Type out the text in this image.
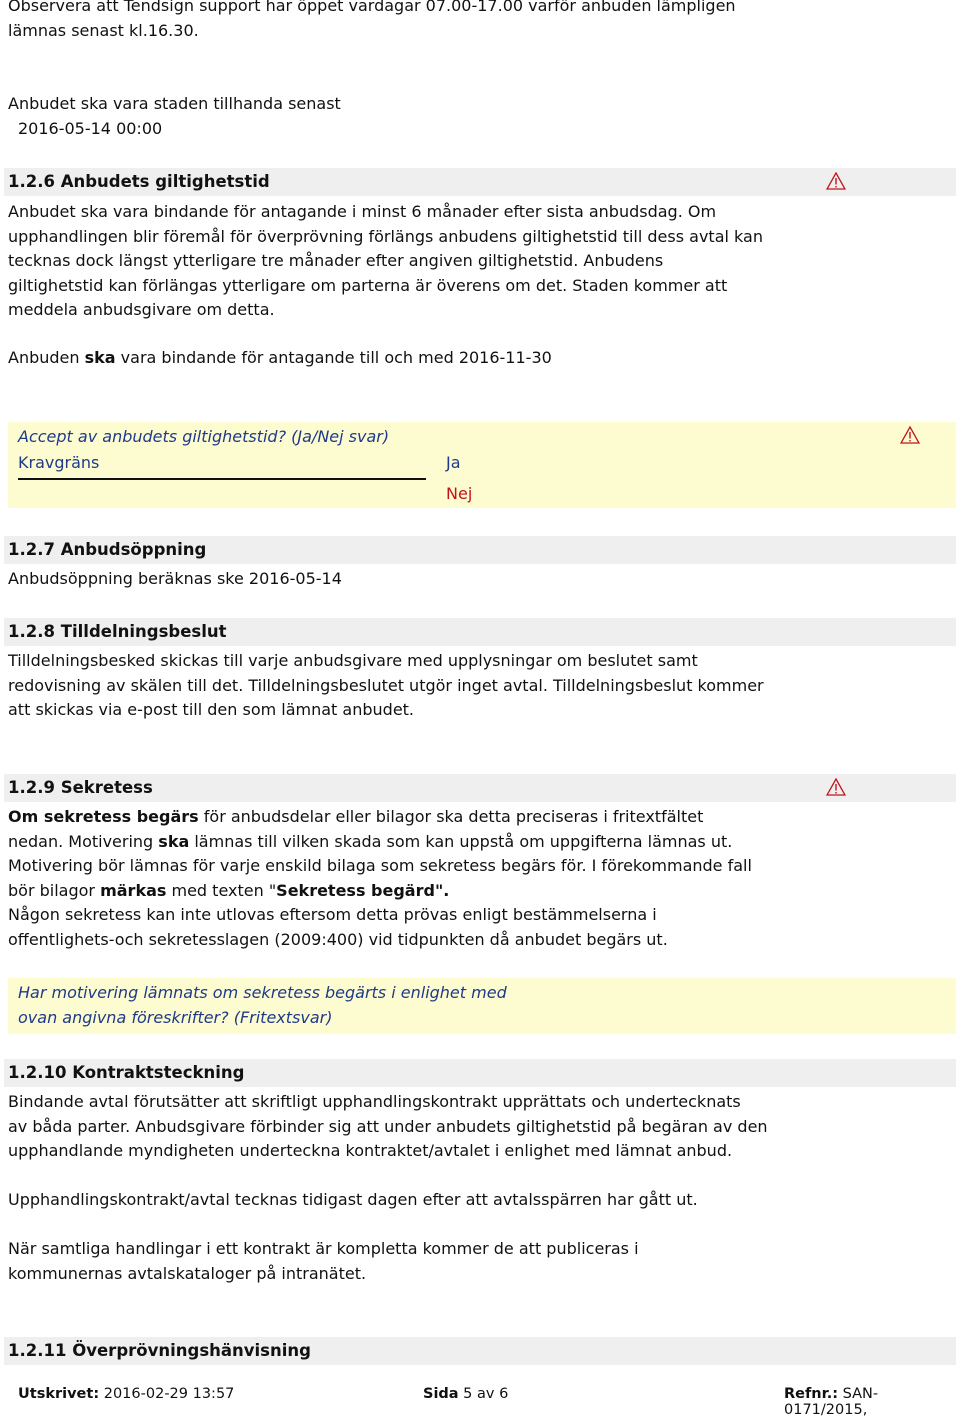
Observera att Tendsign support har öppet vardagar 07.00-17.00 varför anbuden lämpligen

lämnas senast kl.16.30.

Anbudet ska vara staden tillhanda senast

2016-05-14 00:00

1.2.6 Anbudets giltighetstid

Anbudet ska vara bindande för antagande i minst 6 månader efter sista anbudsdag. Om

upphandlingen blir föremål för överprövning förlängs anbudens giltighetstid till dess avtal kan

tecknas dock längst ytterligare tre månader efter angiven giltighetstid. Anbudens

giltighetstid kan förlängas ytterligare om parterna är överens om det. Staden kommer att

meddela anbudsgivare om detta.

Anbuden ska vara bindande för antagande till och med 2016-11-30

Accept av anbudets giltighetstid? (Ja/Nej svar)

Kravgräns	Ja

Nej

1.2.7 Anbudsöppning

Anbudsöppning beräknas ske 2016-05-14

1.2.8 Tilldelningsbeslut

Tilldelningsbesked skickas till varje anbudsgivare med upplysningar om beslutet samt

redovisning av skälen till det. Tilldelningsbeslutet utgör inget avtal. Tilldelningsbeslut kommer

att skickas via e-post till den som lämnat anbudet.

1.2.9 Sekretess

Om sekretess begärs för anbudsdelar eller bilagor ska detta preciseras i fritextfältet

nedan. Motivering ska lämnas till vilken skada som kan uppstå om uppgifterna lämnas ut.

Motivering bör lämnas för varje enskild bilaga som sekretess begärs för. I förekommande fall

bör bilagor märkas med texten "Sekretess begärd".

Någon sekretess kan inte utlovas eftersom detta prövas enligt bestämmelserna i

offentlighets-och sekretesslagen (2009:400) vid tidpunkten då anbudet begärs ut.

Har motivering lämnats om sekretess begärts i enlighet med

ovan angivna föreskrifter? (Fritextsvar)

1.2.10 Kontraktsteckning

Bindande avtal förutsätter att skriftligt upphandlingskontrakt upprättats och undertecknats

av båda parter. Anbudsgivare förbinder sig att under anbudets giltighetstid på begäran av den

upphandlande myndigheten underteckna kontraktet/avtalet i enlighet med lämnat anbud.

Upphandlingskontrakt/avtal tecknas tidigast dagen efter att avtalsspärren har gått ut.

När samtliga handlingar i ett kontrakt är kompletta kommer de att publiceras i

kommunernas avtalskataloger på intranätet.

1.2.11 Överprövningshänvisning
Utskrivet: 2016-02-29 13:57	Sida 5 av 6	Refnr.: SAN-0171/2015,
